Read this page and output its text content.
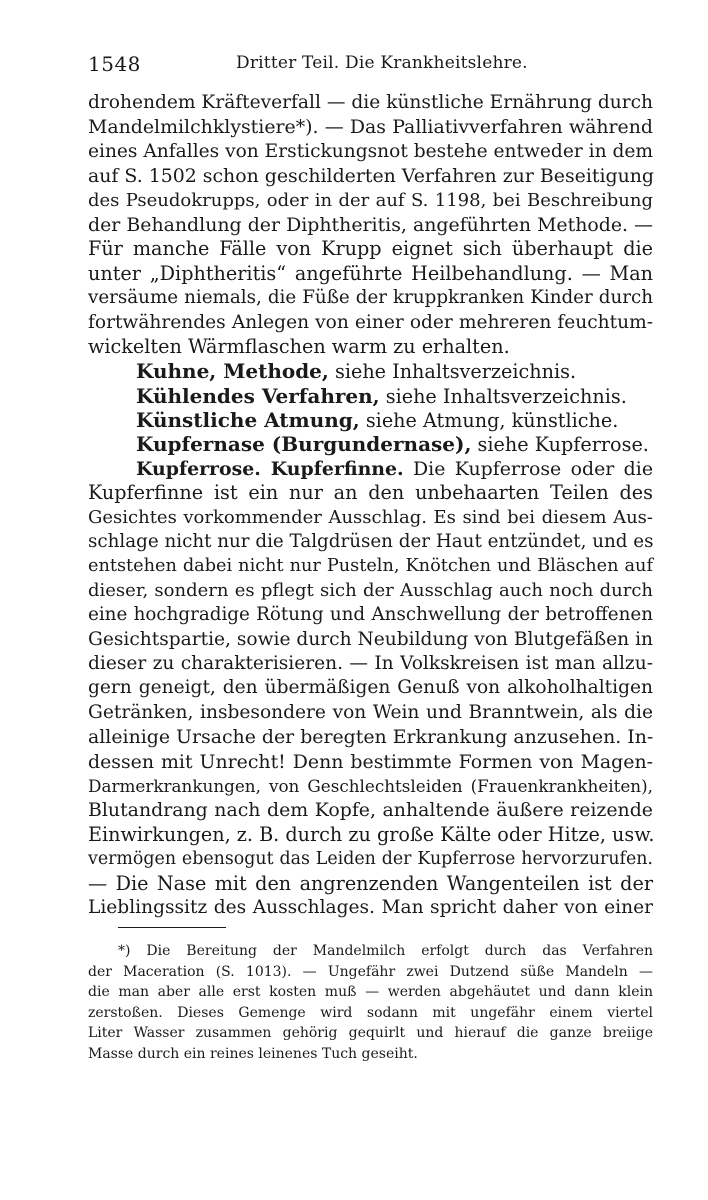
1548	Dritter Teil. Die Krankheitslehre.
drohendem Kräfteverfall — die künstliche Ernährung durch
Mandelmilchklystiere*). — Das Palliativverfahren während
eines Anfalles von Erstickungsnot bestehe entweder in dem
auf S. 1502 schon geschilderten Verfahren zur Beseitigung
des Pseudokrupps, oder in der auf S. 1198, bei Beschreibung
der Behandlung der Diphtheritis, angeführten Methode. —
Für manche Fälle von Krupp eignet sich überhaupt die
unter „Diphtheritis“ angeführte Heilbehandlung. — Man
versäume niemals, die Füße der kruppkranken Kinder durch
fortwährendes Anlegen von einer oder mehreren feuchtum-
wickelten Wärmflaschen warm zu erhalten.
Kuhne, Methode, siehe Inhaltsverzeichnis.
Kühlendes Verfahren, siehe Inhaltsverzeichnis.
Künstliche Atmung, siehe Atmung, künstliche.
Kupfernase (Burgundernase), siehe Kupferrose.
Kupferrose. Kupferfinne. Die Kupferrose oder die
Kupferfinne ist ein nur an den unbehaarten Teilen des
Gesichtes vorkommender Ausschlag. Es sind bei diesem Aus-
schlage nicht nur die Talgdrüsen der Haut entzündet, und es
entstehen dabei nicht nur Pusteln, Knötchen und Bläschen auf
dieser, sondern es pflegt sich der Ausschlag auch noch durch
eine hochgradige Rötung und Anschwellung der betroffenen
Gesichtspartie, sowie durch Neubildung von Blutgefäßen in
dieser zu charakterisieren. — In Volkskreisen ist man allzu-
gern geneigt, den übermäßigen Genuß von alkoholhaltigen
Getränken, insbesondere von Wein und Branntwein, als die
alleinige Ursache der beregten Erkrankung anzusehen. In-
dessen mit Unrecht! Denn bestimmte Formen von Magen-
Darmerkrankungen, von Geschlechtsleiden (Frauenkrankheiten),
Blutandrang nach dem Kopfe, anhaltende äußere reizende
Einwirkungen, z. B. durch zu große Kälte oder Hitze, usw.
vermögen ebensogut das Leiden der Kupferrose hervorzurufen.
— Die Nase mit den angrenzenden Wangenteilen ist der
Lieblingssitz des Ausschlages. Man spricht daher von einer
*) Die Bereitung der Mandelmilch erfolgt durch das Verfahren
der Maceration (S. 1013). — Ungefähr zwei Dutzend süße Mandeln —
die man aber alle erst kosten muß — werden abgehäutet und dann klein
zerstoßen. Dieses Gemenge wird sodann mit ungefähr einem viertel
Liter Wasser zusammen gehörig gequirlt und hierauf die ganze breiige
Masse durch ein reines leinenes Tuch geseiht.
